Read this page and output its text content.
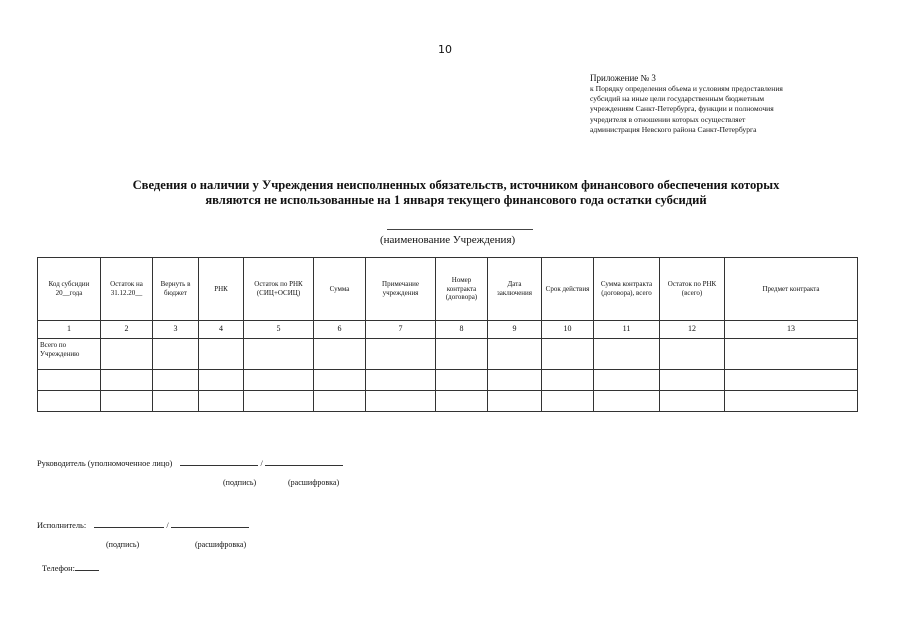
10
Приложение № 3
к Порядку определения объема и условиям предоставления
субсидий на иные цели государственным бюджетным
учреждениям Санкт-Петербурга, функции и полномочия
учредителя в отношении которых осуществляет
администрация Невского района Санкт-Петербурга
Сведения о наличии у Учреждения неисполненных обязательств, источником финансового обеспечения которых
являются не использованные на 1 января текущего финансового года остатки субсидий
(наименование Учреждения)
Код субсидии 20__года	Остаток на 31.12.20__	Вернуть в бюджет	РНК	Остаток по РНК (СИЦ+ОСИЦ)	Сумма	Примечание учреждения	Номер контракта (договора)	Дата заключения	Срок действия	Сумма контракта (договора), всего	Остаток по РНК (всего)	Предмет контракта
1	2	3	4	5	6	7	8	9	10	11	12	13
Всего по Учреждению												

Руководитель (уполномоченное лицо)	/
(подпись)	(расшифровка)
Исполнитель:	/
(подпись)	(расшифровка)
Телефон:
